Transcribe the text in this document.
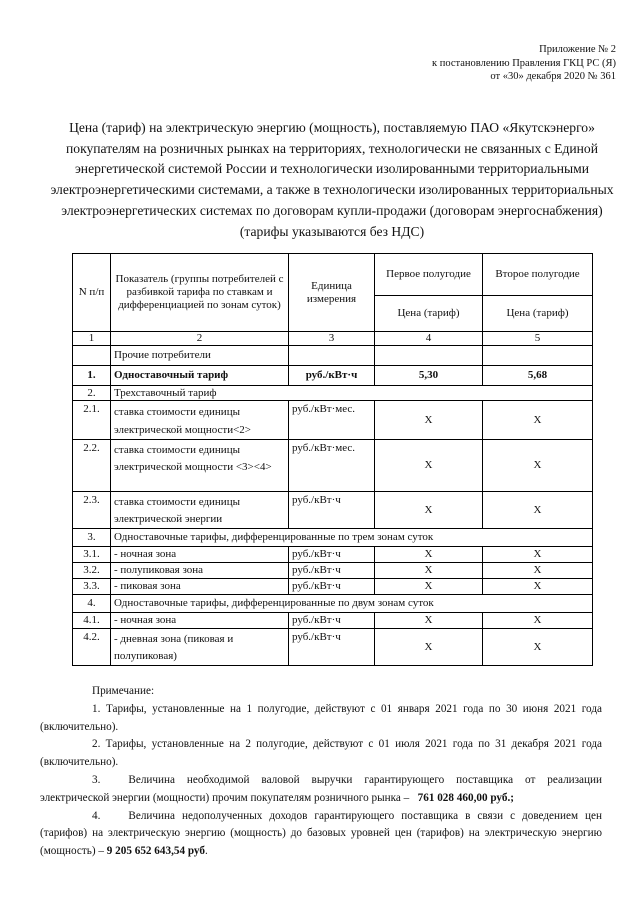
Приложение № 2
к постановлению Правления ГКЦ РС (Я)
от «30» декабря 2020 № 361
Цена (тариф) на электрическую энергию (мощность), поставляемую ПАО «Якутскэнерго» покупателям на розничных рынках на территориях, технологически не связанных с Единой энергетической системой России и технологически изолированными территориальными электроэнергетическими системами, а также в технологически изолированных территориальных электроэнергетических системах по договорам купли-продажи (договорам энергоснабжения) (тарифы указываются без НДС)
N п/п	Показатель (группы потребителей с разбивкой тарифа по ставкам и дифференциацией по зонам суток)	Единица измерения	Первое полугодие	Второе полугодие
			Цена (тариф)	Цена (тариф)
1	2	3	4	5
	Прочие потребители			
1.	Одноставочный тариф	руб./кВт·ч	5,30	5,68
2.	Трехставочный тариф			
2.1.	ставка стоимости единицы электрической мощности<2>	руб./кВт·мес.	X	X
2.2.	ставка стоимости единицы электрической мощности <3><4>	руб./кВт·мес.	X	X
2.3.	ставка стоимости единицы электрической энергии	руб./кВт·ч	X	X
3.	Одноставочные тарифы, дифференцированные по трем зонам суток			
3.1.	- ночная зона	руб./кВт·ч	X	X
3.2.	- полупиковая зона	руб./кВт·ч	X	X
3.3.	- пиковая зона	руб./кВт·ч	X	X
4.	Одноставочные тарифы, дифференцированные по двум зонам суток			
4.1.	- ночная зона	руб./кВт·ч	X	X
4.2.	- дневная зона (пиковая и полупиковая)	руб./кВт·ч	X	X

Примечание:

1. Тарифы, установленные на 1 полугодие, действуют с 01 января 2021 года по 30 июня 2021 года (включительно).

2. Тарифы, установленные на 2 полугодие, действуют с 01 июля 2021 года по 31 декабря 2021 года (включительно).

3.	Величина необходимой валовой выручки гарантирующего поставщика от реализации электрической энергии (мощности) прочим покупателям розничного рынка – 761 028 460,00 руб.;

4.	Величина недополученных доходов гарантирующего поставщика в связи с доведением цен (тарифов) на электрическую энергию (мощность) до базовых уровней цен (тарифов) на электрическую энергию (мощность) – 9 205 652 643,54 руб.
